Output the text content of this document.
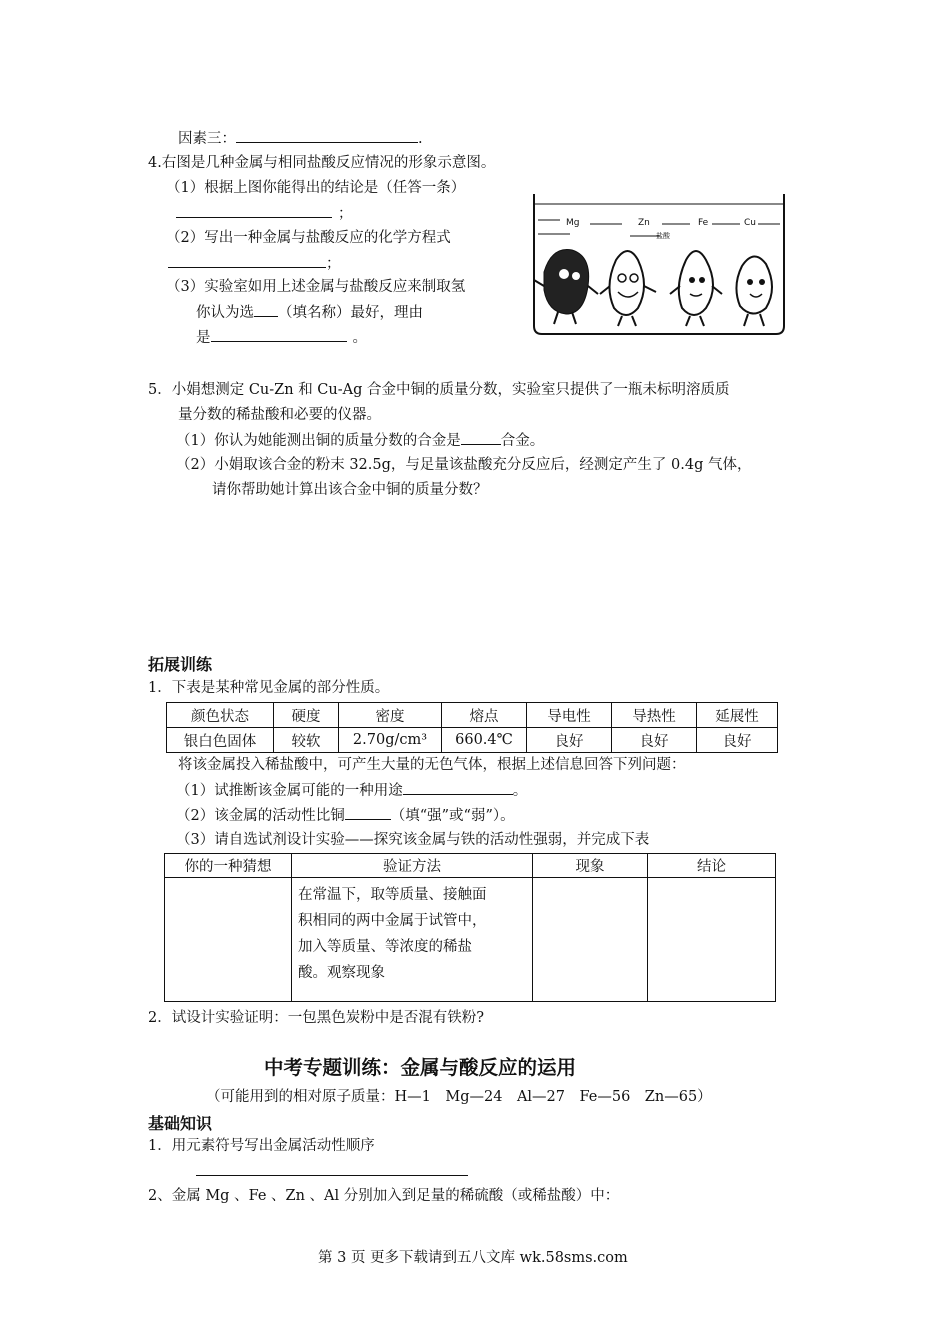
因素三：	.
4.右图是几种金属与相同盐酸反应情况的形象示意图。
（1）根据上图你能得出的结论是（任答一条）
；
（2）写出一种金属与盐酸反应的化学方程式
；
（3）实验室如用上述金属与盐酸反应来制取氢
你认为选 （填名称）最好，理由
是	。
Mg	Zn	Fe	Cu
盐酸
5．小娟想测定 Cu-Zn 和 Cu-Ag 合金中铜的质量分数，实验室只提供了一瓶未标明溶质质
量分数的稀盐酸和必要的仪器。
（1）你认为她能测出铜的质量分数的合金是	合金。
（2）小娟取该合金的粉末 32.5g，与足量该盐酸充分反应后，经测定产生了 0.4g 气体，
请你帮助她计算出该合金中铜的质量分数？
拓展训练
1．下表是某种常见金属的部分性质。
颜色状态	硬度	密度	熔点	导电性	导热性	延展性
银白色固体	较软	2.70g/cm³	660.4℃	良好	良好	良好
将该金属投入稀盐酸中，可产生大量的无色气体，根据上述信息回答下列问题：
（1）试推断该金属可能的一种用途	。
（2）该金属的活动性比铜	（填“强”或“弱”）。
（3）请自选试剂设计实验——探究该金属与铁的活动性强弱，并完成下表
你的一种猜想	验证方法	现象	结论

	在常温下，取等质量、接触面
积相同的两中金属于试管中，
加入等质量、等浓度的稀盐
酸。观察现象		

2．试设计实验证明：一包黑色炭粉中是否混有铁粉?
中考专题训练：金属与酸反应的运用
（可能用到的相对原子质量：H—1　Mg—24　Al—27　Fe—56　Zn—65）
基础知识
1．用元素符号写出金属活动性顺序
2、金属 Mg 、Fe 、Zn 、Al 分别加入到足量的稀硫酸（或稀盐酸）中：
第 3 页 更多下载请到五八文库 wk.58sms.com
